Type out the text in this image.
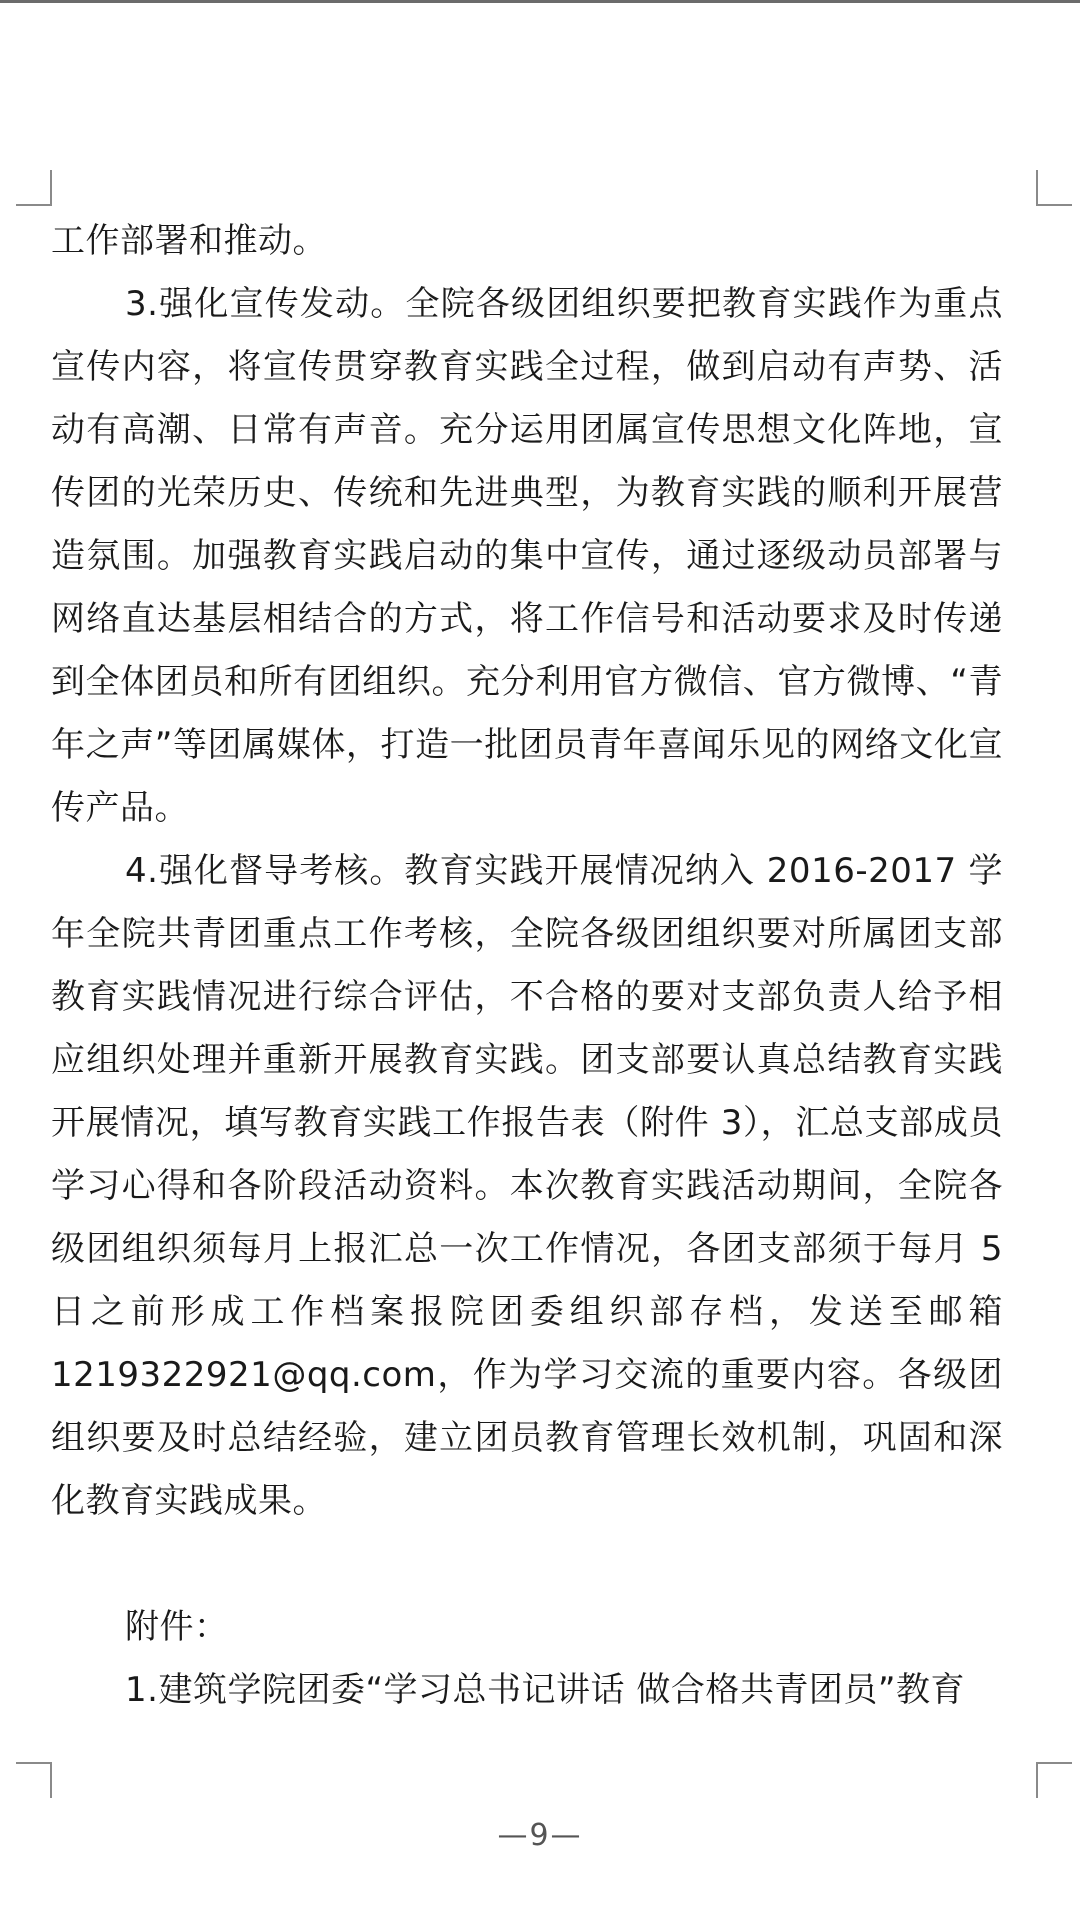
工作部署和推动。

3.强化宣传发动。全院各级团组织要把教育实践作为重点宣传内容，将宣传贯穿教育实践全过程，做到启动有声势、活动有高潮、日常有声音。充分运用团属宣传思想文化阵地，宣传团的光荣历史、传统和先进典型，为教育实践的顺利开展营造氛围。加强教育实践启动的集中宣传，通过逐级动员部署与网络直达基层相结合的方式，将工作信号和活动要求及时传递到全体团员和所有团组织。充分利用官方微信、官方微博、“青年之声”等团属媒体，打造一批团员青年喜闻乐见的网络文化宣传产品。

4.强化督导考核。教育实践开展情况纳入 2016-2017 学年全院共青团重点工作考核，全院各级团组织要对所属团支部教育实践情况进行综合评估，不合格的要对支部负责人给予相应组织处理并重新开展教育实践。团支部要认真总结教育实践开展情况，填写教育实践工作报告表（附件 3），汇总支部成员学习心得和各阶段活动资料。本次教育实践活动期间，全院各级团组织须每月上报汇总一次工作情况，各团支部须于每月 5 日之前形成工作档案报院团委组织部存档，发送至邮箱 1219322921@qq.com，作为学习交流的重要内容。各级团组织要及时总结经验，建立团员教育管理长效机制，巩固和深化教育实践成果。

附件：

1.建筑学院团委“学习总书记讲话 做合格共青团员”教育

—9—
